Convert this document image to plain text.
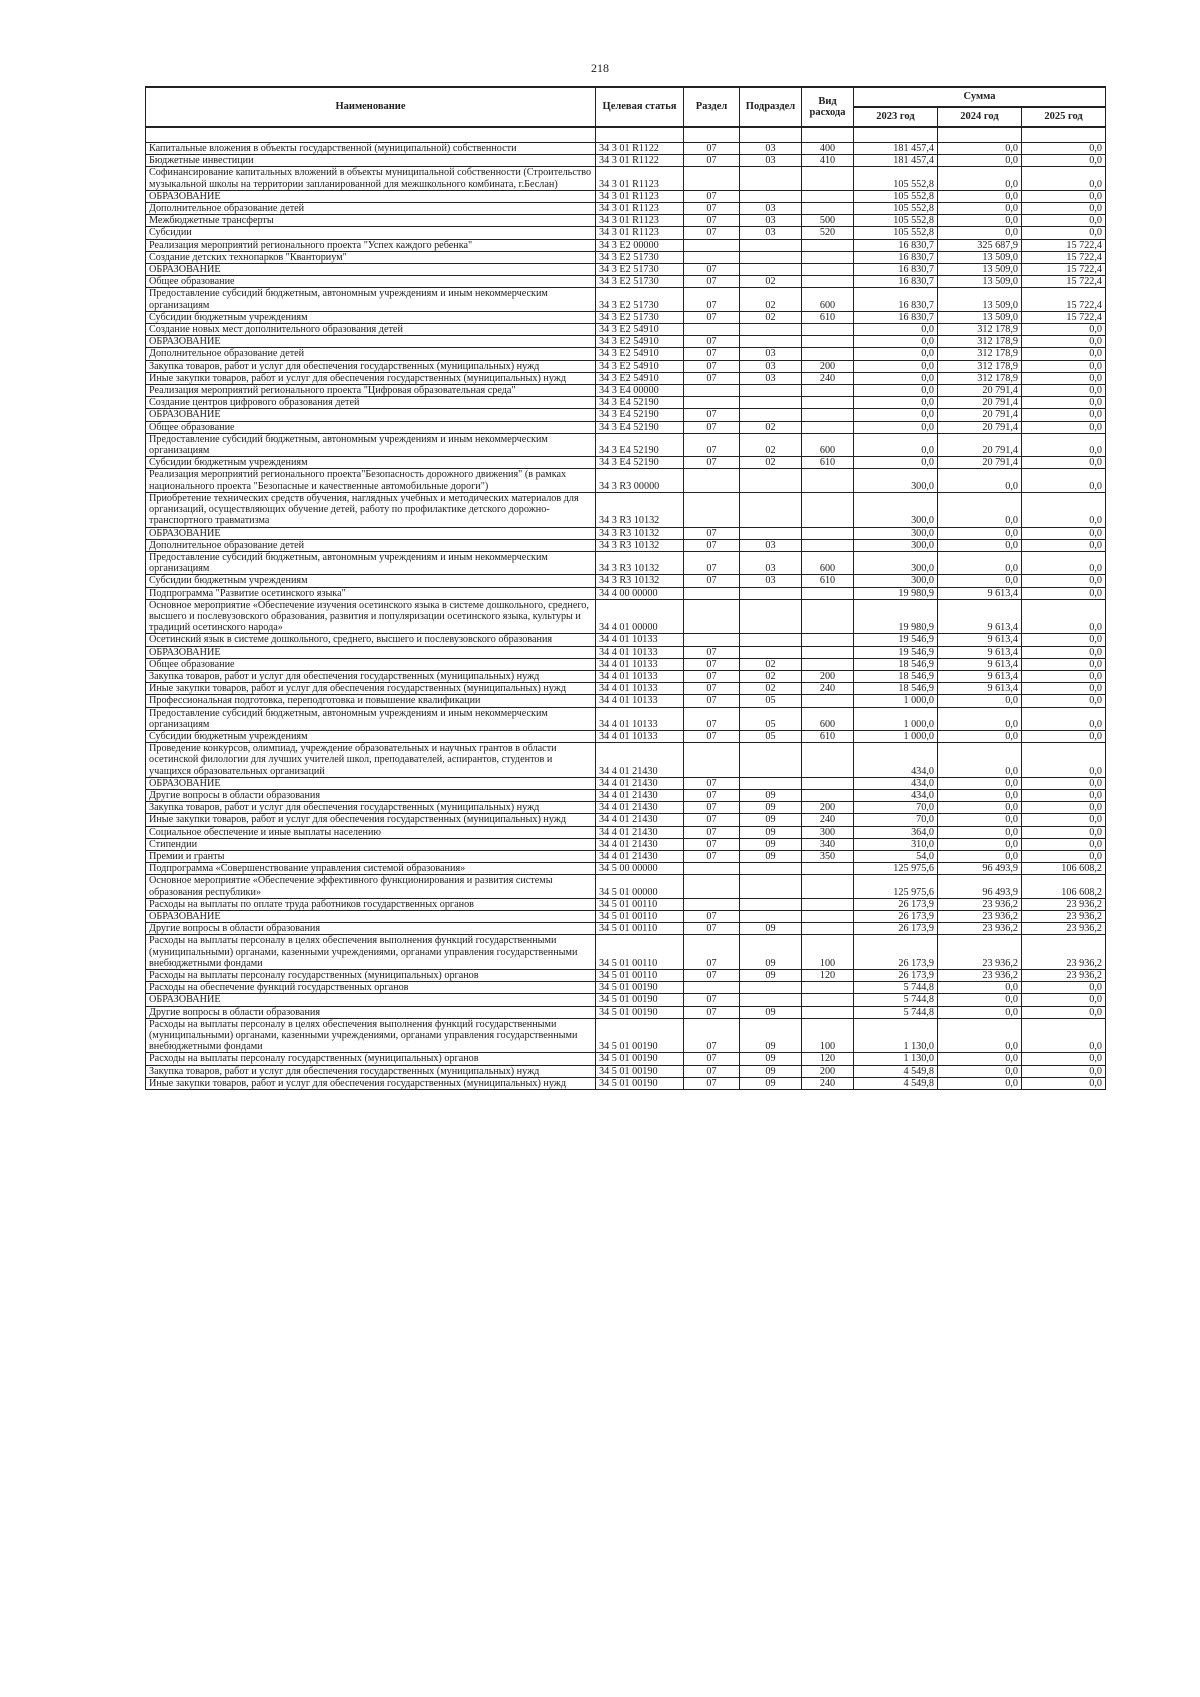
218
Наименование	Целевая статья	Раздел	Подраздел	Вид расхода	Сумма		
					2023 год	2024 год	2025 год

Капитальные вложения в объекты государственной (муниципальной) собственности	34 3 01 R1122	07	03	400	181 457,4	0,0	0,0
Бюджетные инвестиции	34 3 01 R1122	07	03	410	181 457,4	0,0	0,0
Софинансирование капитальных вложений в объекты муниципальной собственности (Строительство музыкальной школы на территории запланированной для межшкольного комбината, г.Беслан)	34 3 01 R1123				105 552,8	0,0	0,0
ОБРАЗОВАНИЕ	34 3 01 R1123	07			105 552,8	0,0	0,0
Дополнительное образование детей	34 3 01 R1123	07	03		105 552,8	0,0	0,0
Межбюджетные трансферты	34 3 01 R1123	07	03	500	105 552,8	0,0	0,0
Субсидии	34 3 01 R1123	07	03	520	105 552,8	0,0	0,0
Реализация мероприятий регионального проекта "Успех каждого ребенка"	34 3 E2 00000				16 830,7	325 687,9	15 722,4
Создание детских технопарков "Кванториум"	34 3 E2 51730				16 830,7	13 509,0	15 722,4
ОБРАЗОВАНИЕ	34 3 E2 51730	07			16 830,7	13 509,0	15 722,4
Общее образование	34 3 E2 51730	07	02		16 830,7	13 509,0	15 722,4
Предоставление субсидий бюджетным, автономным учреждениям и иным некоммерческим организациям	34 3 E2 51730	07	02	600	16 830,7	13 509,0	15 722,4
Субсидии бюджетным учреждениям	34 3 E2 51730	07	02	610	16 830,7	13 509,0	15 722,4
Создание новых мест дополнительного образования детей	34 3 E2 54910				0,0	312 178,9	0,0
ОБРАЗОВАНИЕ	34 3 E2 54910	07			0,0	312 178,9	0,0
Дополнительное образование детей	34 3 E2 54910	07	03		0,0	312 178,9	0,0
Закупка товаров, работ и услуг для обеспечения государственных (муниципальных) нужд	34 3 E2 54910	07	03	200	0,0	312 178,9	0,0
Иные закупки товаров, работ и услуг для обеспечения государственных (муниципальных) нужд	34 3 E2 54910	07	03	240	0,0	312 178,9	0,0
Реализация мероприятий регионального проекта "Цифровая образовательная среда"	34 3 E4 00000				0,0	20 791,4	0,0
Создание центров цифрового образования детей	34 3 E4 52190				0,0	20 791,4	0,0
ОБРАЗОВАНИЕ	34 3 E4 52190	07			0,0	20 791,4	0,0
Общее образование	34 3 E4 52190	07	02		0,0	20 791,4	0,0
Предоставление субсидий бюджетным, автономным учреждениям и иным некоммерческим организациям	34 3 E4 52190	07	02	600	0,0	20 791,4	0,0
Субсидии бюджетным учреждениям	34 3 E4 52190	07	02	610	0,0	20 791,4	0,0
Реализация мероприятий регионального проекта"Безопасность дорожного движения" (в рамках национального проекта "Безопасные и качественные автомобильные дороги")	34 3 R3 00000				300,0	0,0	0,0
Приобретение технических средств обучения, наглядных учебных и методических материалов для организаций, осуществляющих обучение детей, работу по профилактике детского дорожно-транспортного травматизма	34 3 R3 10132				300,0	0,0	0,0
ОБРАЗОВАНИЕ	34 3 R3 10132	07			300,0	0,0	0,0
Дополнительное образование детей	34 3 R3 10132	07	03		300,0	0,0	0,0
Предоставление субсидий бюджетным, автономным учреждениям и иным некоммерческим организациям	34 3 R3 10132	07	03	600	300,0	0,0	0,0
Субсидии бюджетным учреждениям	34 3 R3 10132	07	03	610	300,0	0,0	0,0
Подпрограмма "Развитие осетинского языка"	34 4 00 00000				19 980,9	9 613,4	0,0
Основное мероприятие «Обеспечение изучения осетинского языка в системе дошкольного, среднего, высшего и послевузовского образования, развития и популяризации осетинского языка, культуры и традиций осетинского народа»	34 4 01 00000				19 980,9	9 613,4	0,0
Осетинский язык в системе дошкольного, среднего, высшего и послевузовского образования	34 4 01 10133				19 546,9	9 613,4	0,0
ОБРАЗОВАНИЕ	34 4 01 10133	07			19 546,9	9 613,4	0,0
Общее образование	34 4 01 10133	07	02		18 546,9	9 613,4	0,0
Закупка товаров, работ и услуг для обеспечения государственных (муниципальных) нужд	34 4 01 10133	07	02	200	18 546,9	9 613,4	0,0
Иные закупки товаров, работ и услуг для обеспечения государственных (муниципальных) нужд	34 4 01 10133	07	02	240	18 546,9	9 613,4	0,0
Профессиональная подготовка, переподготовка и повышение квалификации	34 4 01 10133	07	05		1 000,0	0,0	0,0
Предоставление субсидий бюджетным, автономным учреждениям и иным некоммерческим организациям	34 4 01 10133	07	05	600	1 000,0	0,0	0,0
Субсидии бюджетным учреждениям	34 4 01 10133	07	05	610	1 000,0	0,0	0,0
Проведение конкурсов, олимпиад, учреждение образовательных и научных грантов в области осетинской филологии для лучших учителей школ, преподавателей, аспирантов, студентов и учащихся образовательных организаций	34 4 01 21430				434,0	0,0	0,0
ОБРАЗОВАНИЕ	34 4 01 21430	07			434,0	0,0	0,0
Другие вопросы в области образования	34 4 01 21430	07	09		434,0	0,0	0,0
Закупка товаров, работ и услуг для обеспечения государственных (муниципальных) нужд	34 4 01 21430	07	09	200	70,0	0,0	0,0
Иные закупки товаров, работ и услуг для обеспечения государственных (муниципальных) нужд	34 4 01 21430	07	09	240	70,0	0,0	0,0
Социальное обеспечение и иные выплаты населению	34 4 01 21430	07	09	300	364,0	0,0	0,0
Стипендии	34 4 01 21430	07	09	340	310,0	0,0	0,0
Премии и гранты	34 4 01 21430	07	09	350	54,0	0,0	0,0
Подпрограмма «Совершенствование управления системой образования»	34 5 00 00000				125 975,6	96 493,9	106 608,2
Основное мероприятие «Обеспечение эффективного функционирования и развития системы образования республики»	34 5 01 00000				125 975,6	96 493,9	106 608,2
Расходы на выплаты по оплате труда работников государственных органов	34 5 01 00110				26 173,9	23 936,2	23 936,2
ОБРАЗОВАНИЕ	34 5 01 00110	07			26 173,9	23 936,2	23 936,2
Другие вопросы в области образования	34 5 01 00110	07	09		26 173,9	23 936,2	23 936,2
Расходы на выплаты персоналу в целях обеспечения выполнения функций государственными (муниципальными) органами, казенными учреждениями, органами управления государственными внебюджетными фондами	34 5 01 00110	07	09	100	26 173,9	23 936,2	23 936,2
Расходы на выплаты персоналу государственных (муниципальных) органов	34 5 01 00110	07	09	120	26 173,9	23 936,2	23 936,2
Расходы на обеспечение функций государственных органов	34 5 01 00190				5 744,8	0,0	0,0
ОБРАЗОВАНИЕ	34 5 01 00190	07			5 744,8	0,0	0,0
Другие вопросы в области образования	34 5 01 00190	07	09		5 744,8	0,0	0,0
Расходы на выплаты персоналу в целях обеспечения выполнения функций государственными (муниципальными) органами, казенными учреждениями, органами управления государственными внебюджетными фондами	34 5 01 00190	07	09	100	1 130,0	0,0	0,0
Расходы на выплаты персоналу государственных (муниципальных) органов	34 5 01 00190	07	09	120	1 130,0	0,0	0,0
Закупка товаров, работ и услуг для обеспечения государственных (муниципальных) нужд	34 5 01 00190	07	09	200	4 549,8	0,0	0,0
Иные закупки товаров, работ и услуг для обеспечения государственных (муниципальных) нужд	34 5 01 00190	07	09	240	4 549,8	0,0	0,0
